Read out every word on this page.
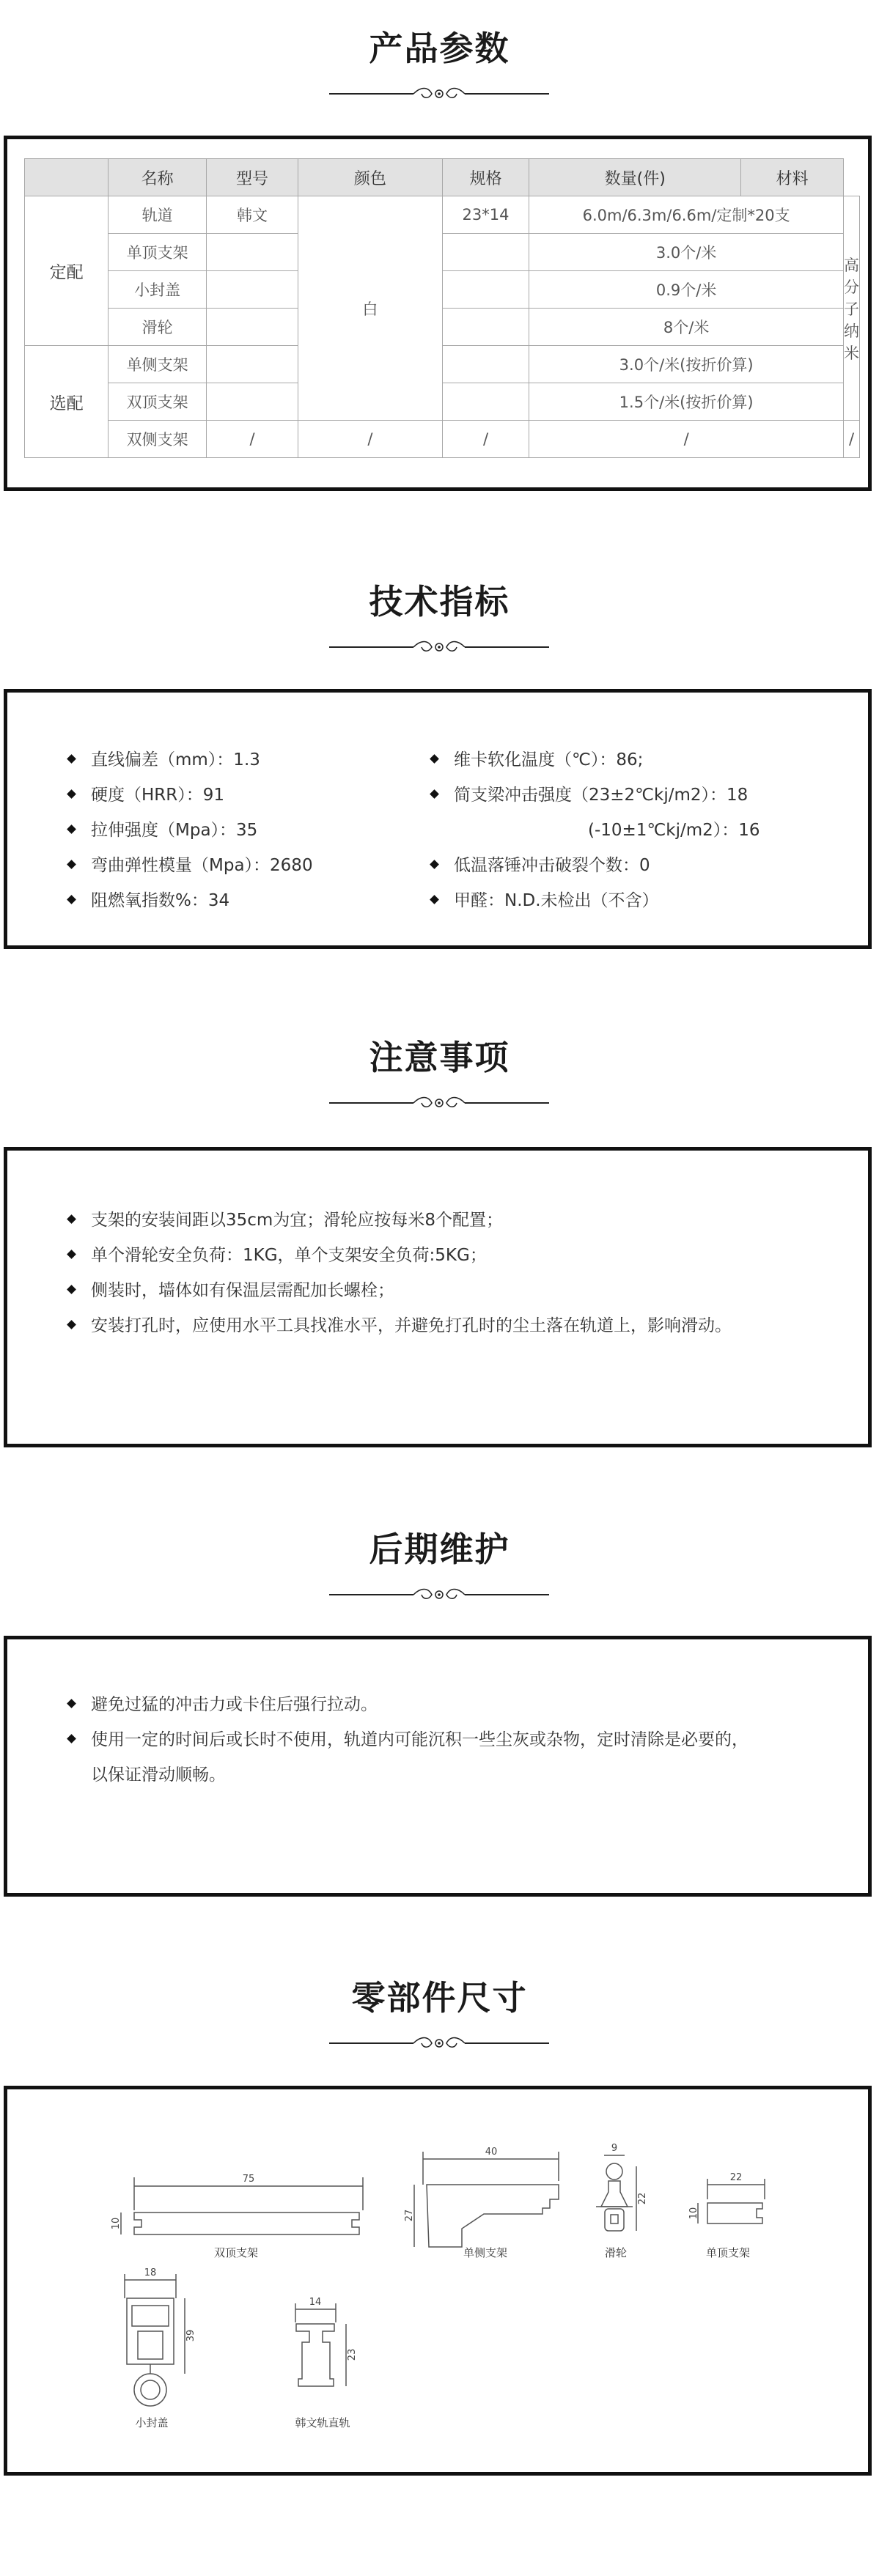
产品参数
	名称	型号	颜色	规格	数量(件)	材料	
定配	轨道	韩文	白	23*14	6.0m/6.3m/6.6m/定制*20支		高分子纳米
	单顶支架				3.0个/米		
	小封盖				0.9个/米		
	滑轮				8个/米		
选配	单侧支架				3.0个/米(按折价算)		
	双顶支架				1.5个/米(按折价算)		
	双侧支架	/	/	/	/		/
技术指标
直线偏差（mm）：1.3
硬度（HRR）：91
拉伸强度（Mpa）：35
弯曲弹性模量（Mpa）：2680
阻燃氧指数%：34
维卡软化温度（℃）：86;
简支梁冲击强度（23±2℃kj/m2）：18
(-10±1℃kj/m2）：16
低温落锤冲击破裂个数：0
甲醛：N.D.未检出（不含）
注意事项
支架的安装间距以35cm为宜；滑轮应按每米8个配置；
单个滑轮安全负荷：1KG，单个支架安全负荷:5KG；
侧装时，墙体如有保温层需配加长螺栓；
安装打孔时，应使用水平工具找准水平，并避免打孔时的尘土落在轨道上，影响滑动。
后期维护
避免过猛的冲击力或卡住后强行拉动。
使用一定的时间后或长时不使用，轨道内可能沉积一些尘灰或杂物，定时清除是必要的，
以保证滑动顺畅。
零部件尺寸
75
10
40
27
9
22
22
10
18
39
14
23
双顶支架	单侧支架	滑轮	单顶支架
小封盖	韩文轨直轨
